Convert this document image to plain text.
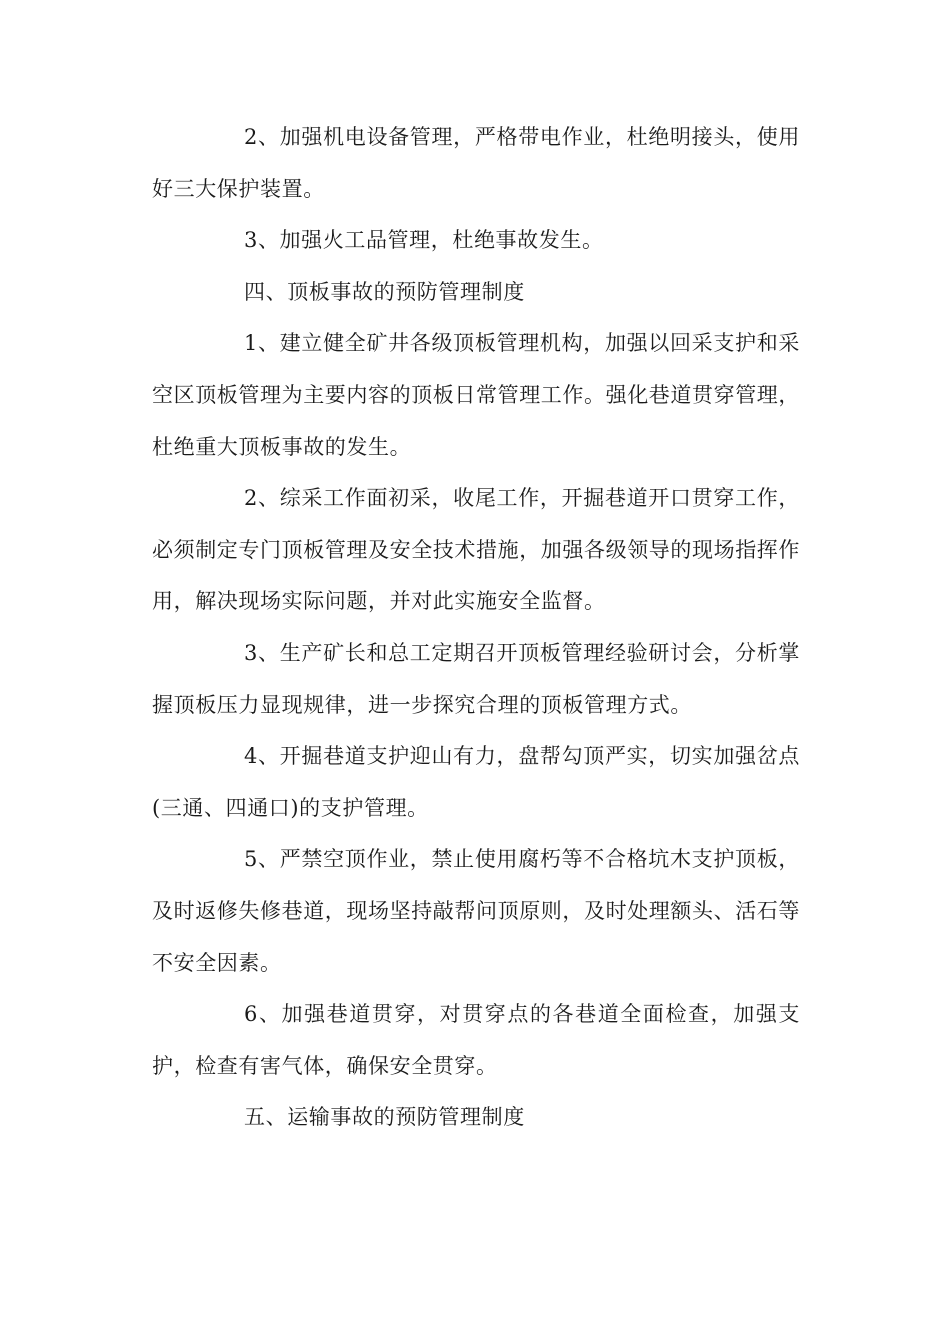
2、加强机电设备管理，严格带电作业，杜绝明接头，使用好三大保护装置。

3、加强火工品管理，杜绝事故发生。

四、顶板事故的预防管理制度

1、建立健全矿井各级顶板管理机构，加强以回采支护和采空区顶板管理为主要内容的顶板日常管理工作。强化巷道贯穿管理，杜绝重大顶板事故的发生。

2、综采工作面初采，收尾工作，开掘巷道开口贯穿工作，必须制定专门顶板管理及安全技术措施，加强各级领导的现场指挥作用，解决现场实际问题，并对此实施安全监督。

3、生产矿长和总工定期召开顶板管理经验研讨会，分析掌握顶板压力显现规律，进一步探究合理的顶板管理方式。

4、开掘巷道支护迎山有力，盘帮勾顶严实，切实加强岔点(三通、四通口)的支护管理。

5、严禁空顶作业，禁止使用腐朽等不合格坑木支护顶板，及时返修失修巷道，现场坚持敲帮问顶原则，及时处理额头、活石等不安全因素。

6、加强巷道贯穿，对贯穿点的各巷道全面检查，加强支护，检查有害气体，确保安全贯穿。

五、运输事故的预防管理制度
